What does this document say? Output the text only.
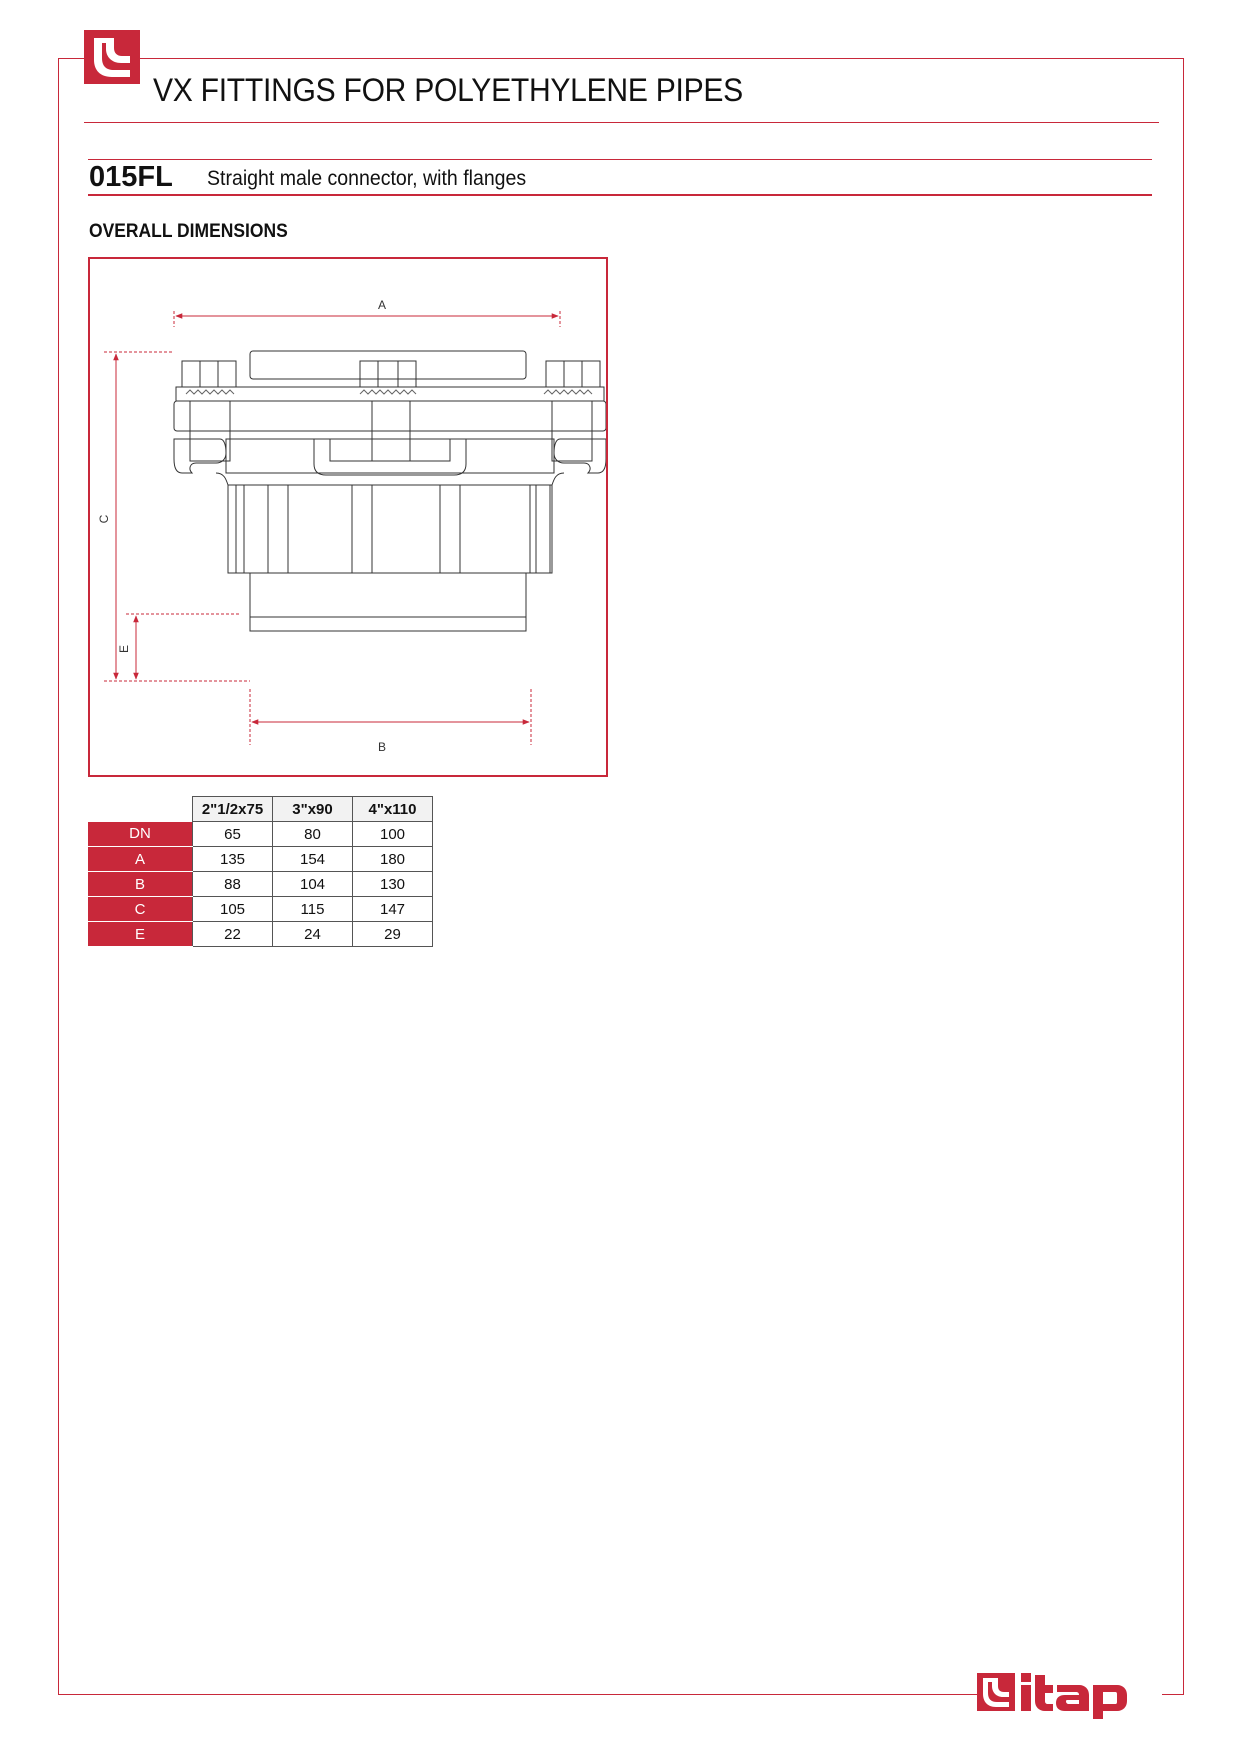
VX FITTINGS FOR POLYETHYLENE PIPES
015FL Straight male connector, with flanges
OVERALL DIMENSIONS
A
B
C
E
	2"1/2x75	3"x90	4"x110
DN	65	80	100
A	135	154	180
B	88	104	130
C	105	115	147
E	22	24	29
itap
